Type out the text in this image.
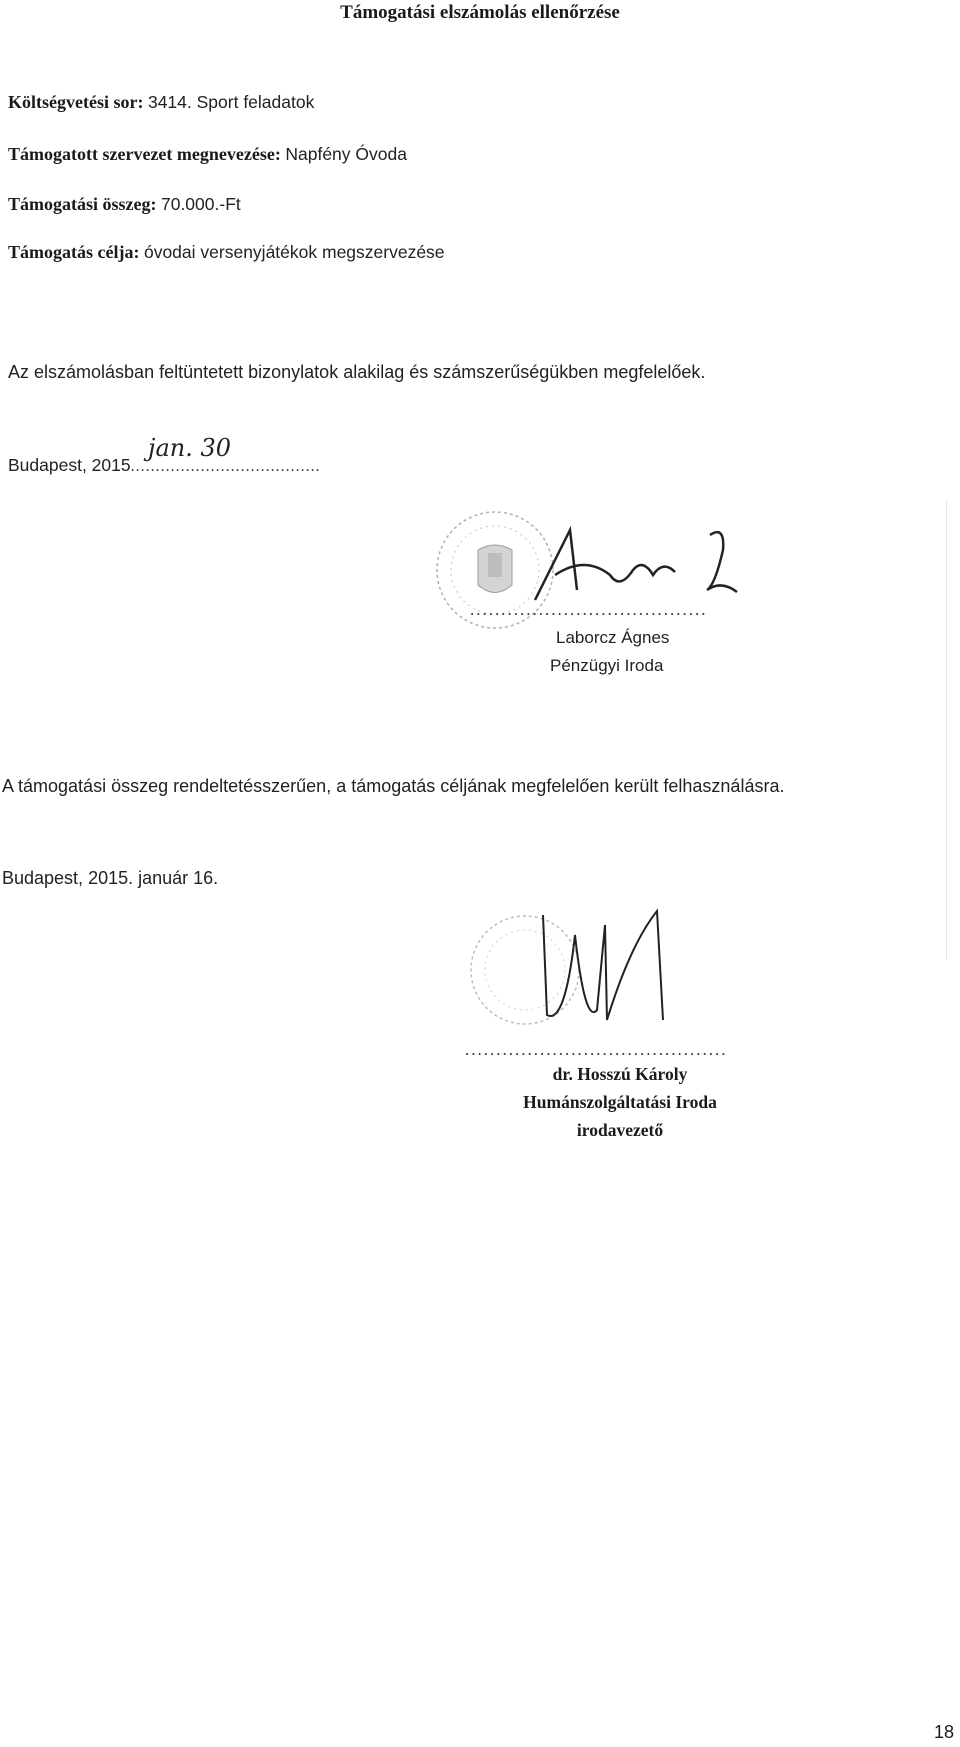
Támogatási elszámolás ellenőrzése
Költségvetési sor: 3414. Sport feladatok
Támogatott szervezet megnevezése: Napfény Óvoda
Támogatási összeg: 70.000.-Ft
Támogatás célja: óvodai versenyjátékok megszervezése
Az elszámolásban feltüntetett bizonylatok alakilag és számszerűségükben megfelelőek.
Budapest, 2015......................................
jan. 30
......................................
Laborcz Ágnes
Pénzügyi Iroda
A támogatási összeg rendeltetésszerűen, a támogatás céljának megfelelően került felhasználásra.
Budapest, 2015. január 16.
..........................................
dr. Hosszú Károly
Humánszolgáltatási Iroda
irodavezető
18
